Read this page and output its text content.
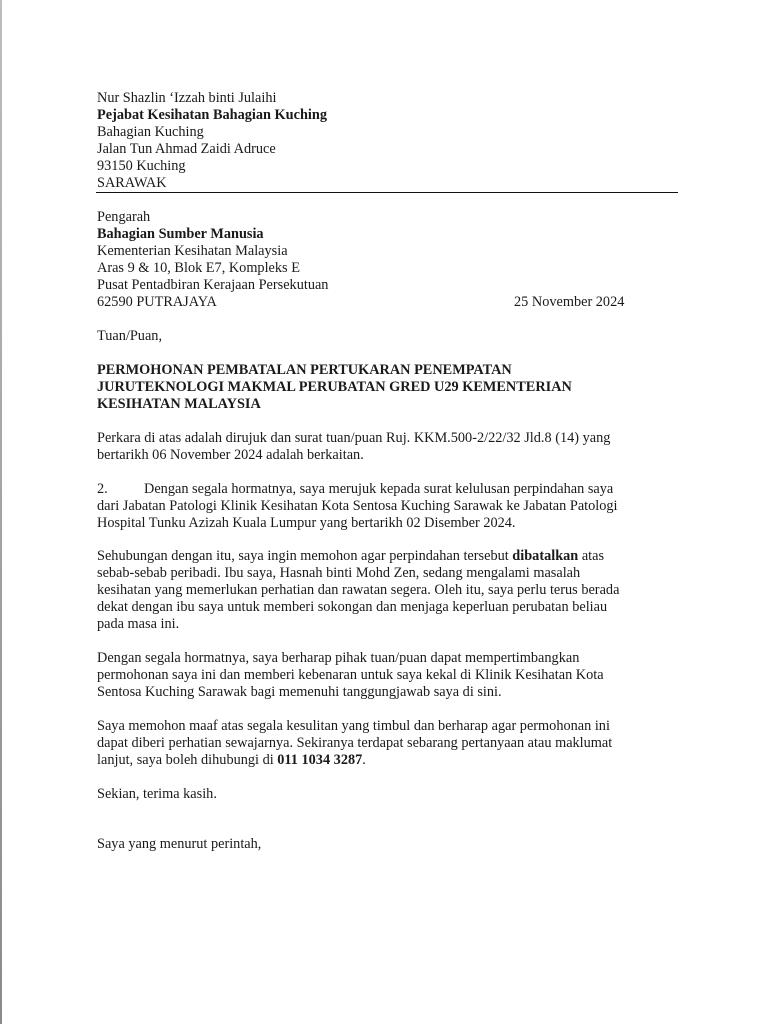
Nur Shazlin ‘Izzah binti Julaihi
Pejabat Kesihatan Bahagian Kuching
Bahagian Kuching
Jalan Tun Ahmad Zaidi Adruce
93150 Kuching
SARAWAK
Pengarah
Bahagian Sumber Manusia
Kementerian Kesihatan Malaysia
Aras 9 & 10, Blok E7, Kompleks E
Pusat Pentadbiran Kerajaan Persekutuan
62590 PUTRAJAYA	25 November 2024
Tuan/Puan,
PERMOHONAN PEMBATALAN PERTUKARAN PENEMPATAN
JURUTEKNOLOGI MAKMAL PERUBATAN GRED U29 KEMENTERIAN
KESIHATAN MALAYSIA
Perkara di atas adalah dirujuk dan surat tuan/puan Ruj. KKM.500-2/22/32 Jld.8 (14) yang
bertarikh 06 November 2024 adalah berkaitan.
2.	Dengan segala hormatnya, saya merujuk kepada surat kelulusan perpindahan saya
dari Jabatan Patologi Klinik Kesihatan Kota Sentosa Kuching Sarawak ke Jabatan Patologi
Hospital Tunku Azizah Kuala Lumpur yang bertarikh 02 Disember 2024.
Sehubungan dengan itu, saya ingin memohon agar perpindahan tersebut dibatalkan atas
sebab-sebab peribadi. Ibu saya, Hasnah binti Mohd Zen, sedang mengalami masalah
kesihatan yang memerlukan perhatian dan rawatan segera. Oleh itu, saya perlu terus berada
dekat dengan ibu saya untuk memberi sokongan dan menjaga keperluan perubatan beliau
pada masa ini.
Dengan segala hormatnya, saya berharap pihak tuan/puan dapat mempertimbangkan
permohonan saya ini dan memberi kebenaran untuk saya kekal di Klinik Kesihatan Kota
Sentosa Kuching Sarawak bagi memenuhi tanggungjawab saya di sini.
Saya memohon maaf atas segala kesulitan yang timbul dan berharap agar permohonan ini
dapat diberi perhatian sewajarnya. Sekiranya terdapat sebarang pertanyaan atau maklumat
lanjut, saya boleh dihubungi di 011 1034 3287.
Sekian, terima kasih.
Saya yang menurut perintah,
